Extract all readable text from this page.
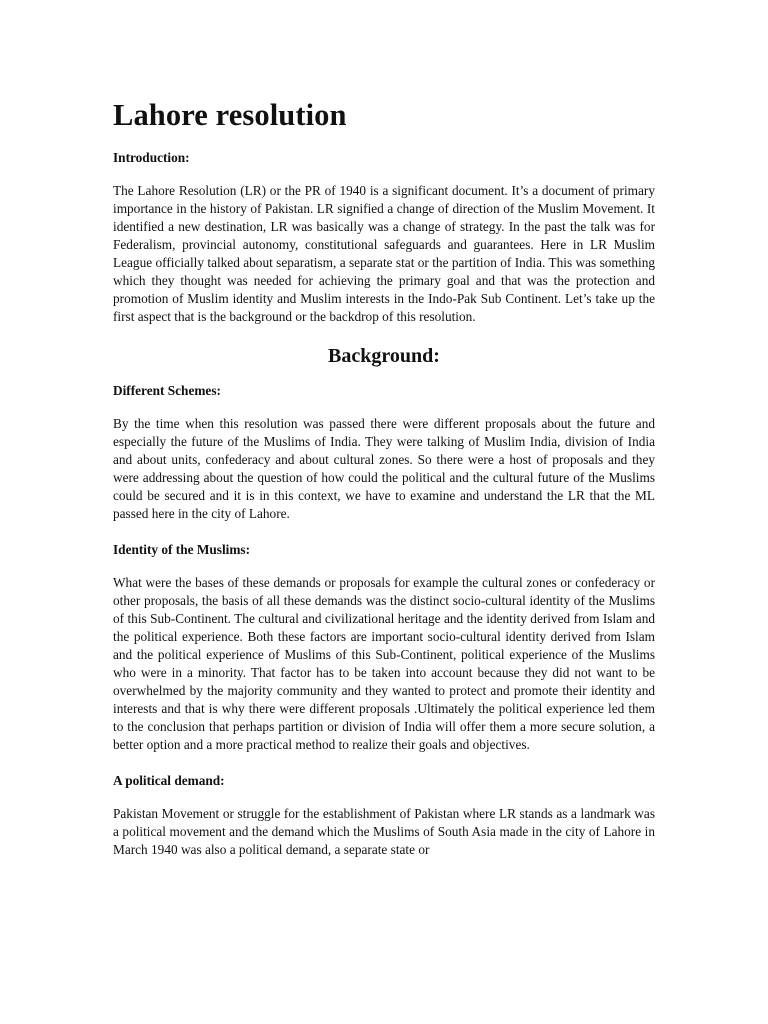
Lahore resolution
Introduction:

The Lahore Resolution (LR) or the PR of 1940 is a significant document. It’s a document of primary importance in the history of Pakistan. LR signified a change of direction of the Muslim Movement. It identified a new destination, LR was basically was a change of strategy. In the past the talk was for Federalism, provincial autonomy, constitutional safeguards and guarantees. Here in LR Muslim League officially talked about separatism, a separate stat or the partition of India. This was something which they thought was needed for achieving the primary goal and that was the protection and promotion of Muslim identity and Muslim interests in the Indo-Pak Sub Continent. Let’s take up the first aspect that is the background or the backdrop of this resolution.

Background:
Different Schemes:

By the time when this resolution was passed there were different proposals about the future and especially the future of the Muslims of India. They were talking of Muslim India, division of India and about units, confederacy and about cultural zones. So there were a host of proposals and they were addressing about the question of how could the political and the cultural future of the Muslims could be secured and it is in this context, we have to examine and understand the LR that the ML passed here in the city of Lahore.

Identity of the Muslims:

What were the bases of these demands or proposals for example the cultural zones or confederacy or other proposals, the basis of all these demands was the distinct socio-cultural identity of the Muslims of this Sub-Continent. The cultural and civilizational heritage and the identity derived from Islam and the political experience. Both these factors are important socio-cultural identity derived from Islam and the political experience of Muslims of this Sub-Continent, political experience of the Muslims who were in a minority. That factor has to be taken into account because they did not want to be overwhelmed by the majority community and they wanted to protect and promote their identity and interests and that is why there were different proposals .Ultimately the political experience led them to the conclusion that perhaps partition or division of India will offer them a more secure solution, a better option and a more practical method to realize their goals and objectives.

A political demand:

Pakistan Movement or struggle for the establishment of Pakistan where LR stands as a landmark was a political movement and the demand which the Muslims of South Asia made in the city of Lahore in March 1940 was also a political demand, a separate state or
